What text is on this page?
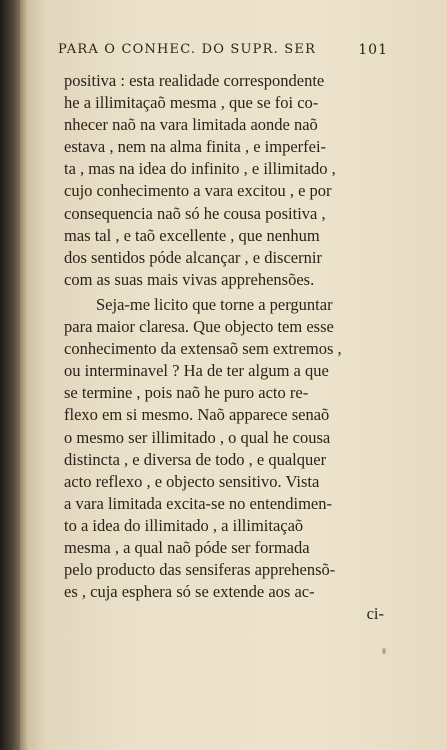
PARA O CONHEC. DO SUPR. SER	101
positiva : esta realidade correspondente
he a illimitaçaõ mesma , que se foi co-
nhecer naõ na vara limitada aonde naõ
estava , nem na alma finita , e imperfei-
ta , mas na idea do infinito , e illimitado ,
cujo conhecimento a vara excitou , e por
consequencia naõ só he cousa positiva ,
mas tal , e taõ excellente , que nenhum
dos sentidos póde alcançar , e discernir
com as suas mais vivas apprehensões.
Seja-me licito que torne a perguntar
para maior claresa. Que objecto tem esse
conhecimento da extensaõ sem extremos ,
ou interminavel ? Ha de ter algum a que
se termine , pois naõ he puro acto re-
flexo em si mesmo. Naõ apparece senaõ
o mesmo ser illimitado , o qual he cousa
distincta , e diversa de todo , e qualquer
acto reflexo , e objecto sensitivo. Vista
a vara limitada excita-se no entendimen-
to a idea do illimitado , a illimitaçaõ
mesma , a qual naõ póde ser formada
pelo producto das sensiferas apprehensõ-
es , cuja esphera só se extende aos ac-
ci-
